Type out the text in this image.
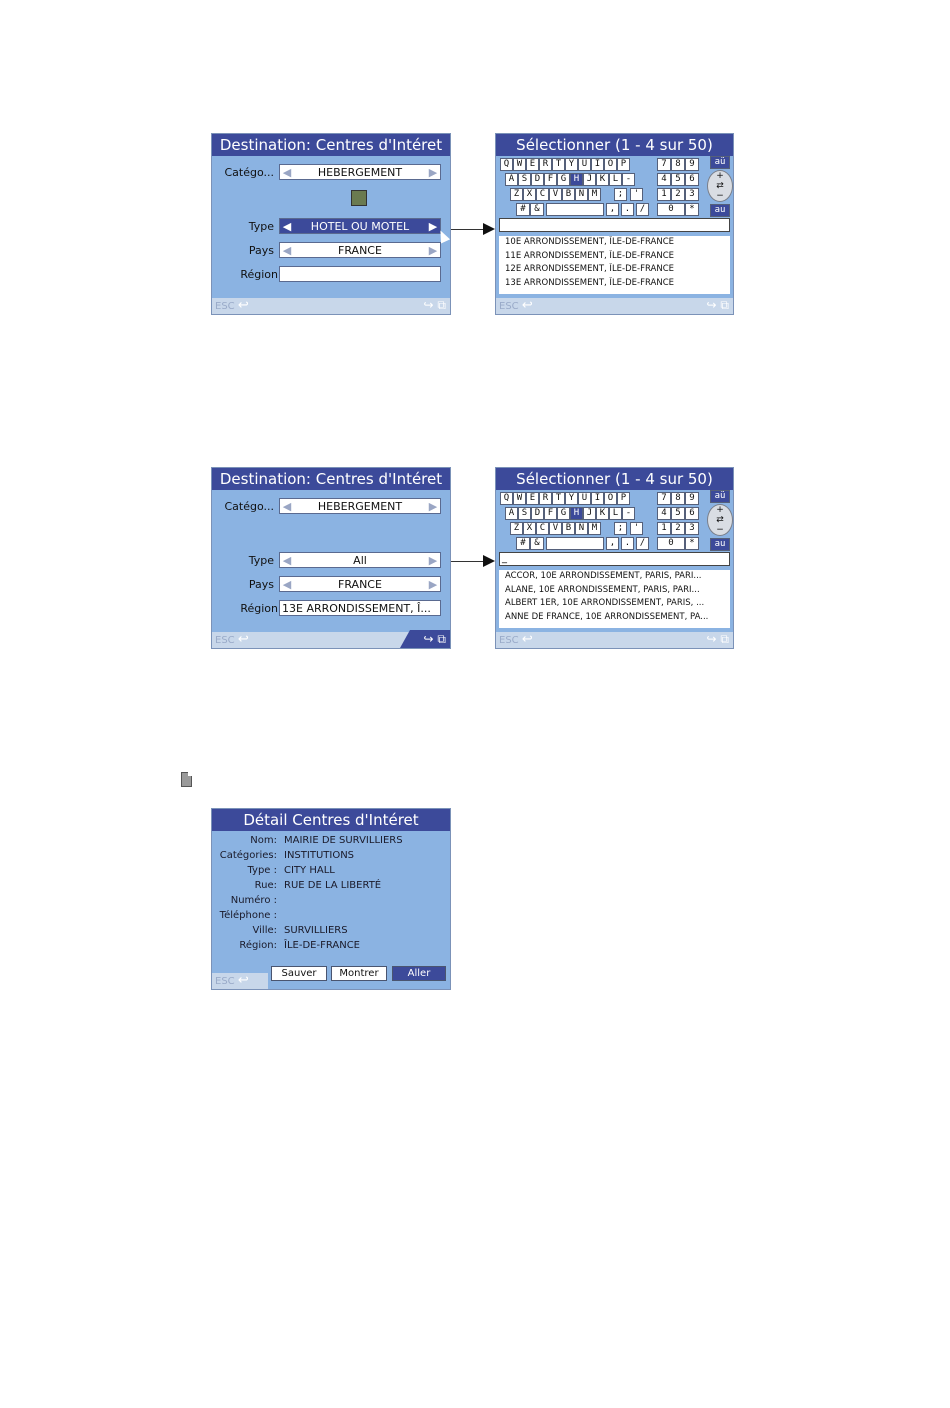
Destination: Centres d'Intéret
Catégo... ◀	HEBERGEMENT	▶
Type ◀	HOTEL OU MOTEL	▶
Pays ◀	FRANCE	▶
Région
ESC ↩	↪ ⧉
Sélectionner (1 - 4 sur 50)
Q W E R T Y U I O P
A S D F G H J K L -
Z X C V B N M	;	'
# &	,	.	/
7 8 9
4 5 6
1 2 3
0	*
aü
+
⇄
−
au
10E ARRONDISSEMENT, ÎLE-DE-FRANCE
11E ARRONDISSEMENT, ÎLE-DE-FRANCE
12E ARRONDISSEMENT, ÎLE-DE-FRANCE
13E ARRONDISSEMENT, ÎLE-DE-FRANCE
ESC ↩	↪ ⧉
Destination: Centres d'Intéret
Catégo... ◀	HEBERGEMENT	▶
Type ◀	All	▶
Pays ◀	FRANCE	▶
Région 13E ARRONDISSEMENT, Î...
ESC ↩	↪ ⧉
Sélectionner (1 - 4 sur 50)
Q W E R T Y U I O P
A S D F G H J K L -
Z X C V B N M	;	'
# &	,	.	/
7 8 9
4 5 6
1 2 3
0	*
aü
+
⇄
−
au
_
ACCOR, 10E ARRONDISSEMENT, PARIS, PARI...
ALANE, 10E ARRONDISSEMENT, PARIS, PARI...
ALBERT 1ER, 10E ARRONDISSEMENT, PARIS, ...
ANNE DE FRANCE, 10E ARRONDISSEMENT, PA...
ESC ↩	↪ ⧉
Détail Centres d'Intéret
Nom: MAIRIE DE SURVILLIERS
Catégories: INSTITUTIONS
Type : CITY HALL
Rue: RUE DE LA LIBERTÉ
Numéro :
Téléphone :
Ville: SURVILLIERS
Région: ÎLE-DE-FRANCE
Sauver	Montrer	Aller
ESC ↩
